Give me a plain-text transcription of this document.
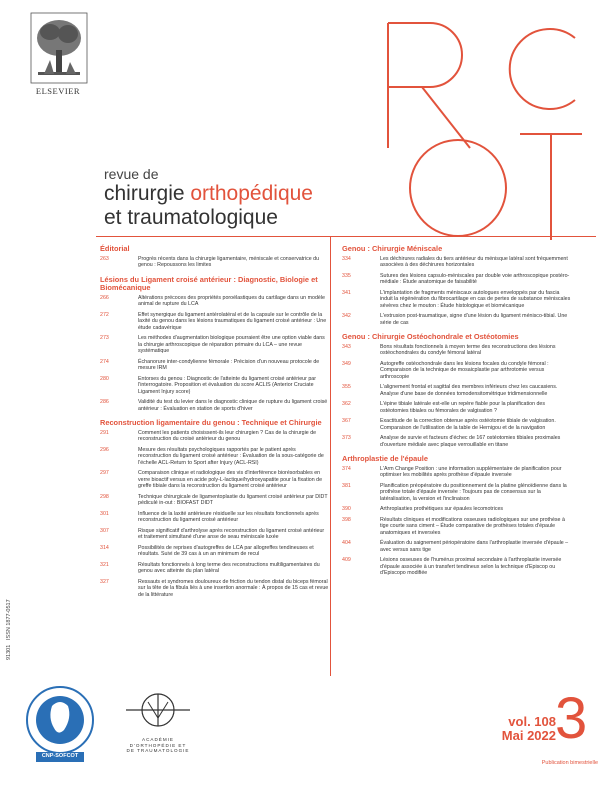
ELSEVIER
revue de
chirurgie orthopédique
et traumatologique
Éditorial
263	Progrès récents dans la chirurgie ligamentaire, méniscale et conservatrice du genou : Repoussons les limites
Lésions du Ligament croisé antérieur : Diagnostic, Biologie et Biomécanique
266	Altérations précoces des propriétés poroélastiques du cartilage dans un modèle animal de rupture du LCA
272	Effet synergique du ligament antérolatéral et de la capsule sur le contrôle de la laxité du genou dans les lésions traumatiques du ligament croisé antérieur : Une étude cadavérique
273	Les méthodes d'augmentation biologique pourraient être une option viable dans la chirurgie arthroscopique de réparation primaire du LCA – une revue systématique
274	Échanorure inter-condylienne fémorale : Précision d'un nouveau protocole de mesure IRM
280	Entorses du genou : Diagnostic de l'atteinte du ligament croisé antérieur par l'interrogatoire. Proposition et évaluation du score ACLIS (Anterior Cruciate Ligament Injury score)
286	Validité du test du levier dans le diagnostic clinique de rupture du ligament croisé antérieur : Évaluation en station de sports d'hiver
Reconstruction ligamentaire du genou : Technique et Chirurgie
291	Comment les patients choisissent-ils leur chirurgien ? Cas de la chirurgie de reconstruction du croisé antérieur du genou
296	Mesure des résultats psychologiques rapportés par le patient après reconstruction du ligament croisé antérieur : Évaluation de la sous-catégorie de l'échelle ACL-Return to Sport after Injury (ACL-RSI)
297	Comparaison clinique et radiologique des vis d'interférence biorésorbables en verre bioactif versus en acide poly-L-lactique/hydroxyapatite pour la fixation de greffe tibiale dans la reconstruction du ligament croisé antérieur
298	Technique chirurgicale de ligamentoplastie du ligament croisé antérieur par DIDT pédiculé in-out : BIOFAST DIDT
301	Influence de la laxité antérieure résiduelle sur les résultats fonctionnels après reconstruction du ligament croisé antérieur
307	Risque significatif d'arthrolyse après reconstruction du ligament croisé antérieur et traitement simultané d'une anse de seau méniscale luxée
314	Possibilités de reprises d'autogreffes de LCA par allogreffes tendineuses et résultats. Suivi de 39 cas à un an minimum de recul
321	Résultats fonctionnels à long terme des reconstructions multiligamentaires du genou avec atteinte du plan latéral
327	Ressauts et syndromes douloureux de friction du tendon distal du biceps fémoral sur la tête de la fibula liés à une insertion anormale : À propos de 15 cas et revue de la littérature
Genou : Chirurgie Méniscale
334	Les déchirures radiales du tiers antérieur du ménisque latéral sont fréquemment associées à des déchirures horizontales
335	Sutures des lésions capsulo-méniscales par double voie arthroscopique postéro-médiale : Étude anatomique de faisabilité
341	L'implantation de fragments méniscaux autologues enveloppés par du fascia induit la régénération du fibrocartilage en cas de pertes de substance méniscales sévères chez le mouton : Étude histologique et biomécanique
342	L'extrusion post-traumatique, signe d'une lésion du ligament ménisco-tibial. Une série de cas
Genou : Chirurgie Ostéochondrale et Ostéotomies
343	Bons résultats fonctionnels à moyen terme des reconstructions des lésions ostéochondrales du condyle fémoral latéral
349	Autogreffe ostéochondrale dans les lésions focales du condyle fémoral : Comparaison de la technique de mosaicplastie par arthrotomie versus arthroscopie
355	L'alignement frontal et sagittal des membres inférieurs chez les caucasiens. Analyse d'une base de données tomodensitométrique tridimensionnelle
362	L'épine tibiale latérale est-elle un repère fiable pour la planification des ostéotomies tibiales ou fémorales de valgisation ?
367	Exactitude de la correction obtenue après ostéotomie tibiale de valgisation. Comparaison de l'utilisation de la table de Hernigou et de la navigation
373	Analyse de survie et facteurs d'échec de 167 ostéotomies tibiales proximales d'ouverture médiale avec plaque verrouillable en titane
Arthroplastie de l'épaule
374	L'Arm Change Position : une information supplémentaire de planification pour optimiser les mobilités après prothèse d'épaule inversée
381	Planification préopératoire du positionnement de la platine glénoïdienne dans la prothèse totale d'épaule inversée : Toujours pas de consensus sur la latéralisation, la version et l'inclinaison
390	Arthroplasties prothétiques sur épaules lecomotrices
398	Résultats cliniques et modifications osseuses radiologiques sur une prothèse à tige courte sans ciment – Étude comparative de prothèses totales d'épaule anatomiques et inversées
404	Évaluation du saignement périopératoire dans l'arthroplastie inversée d'épaule – avec versus sans tige
409	Lésions osseuses de l'humérus proximal secondaire à l'arthroplastie inversée d'épaule associée à un transfert tendineux selon la technique d'Episcop ou d'Episcopo modifiée
91301
ISSN 1877-0517
CNP-SOFCOT
ACADÉMIE
D'ORTHOPÉDIE ET
DE TRAUMATOLOGIE
vol. 108
Mai 2022 3
Publication bimestrielle
